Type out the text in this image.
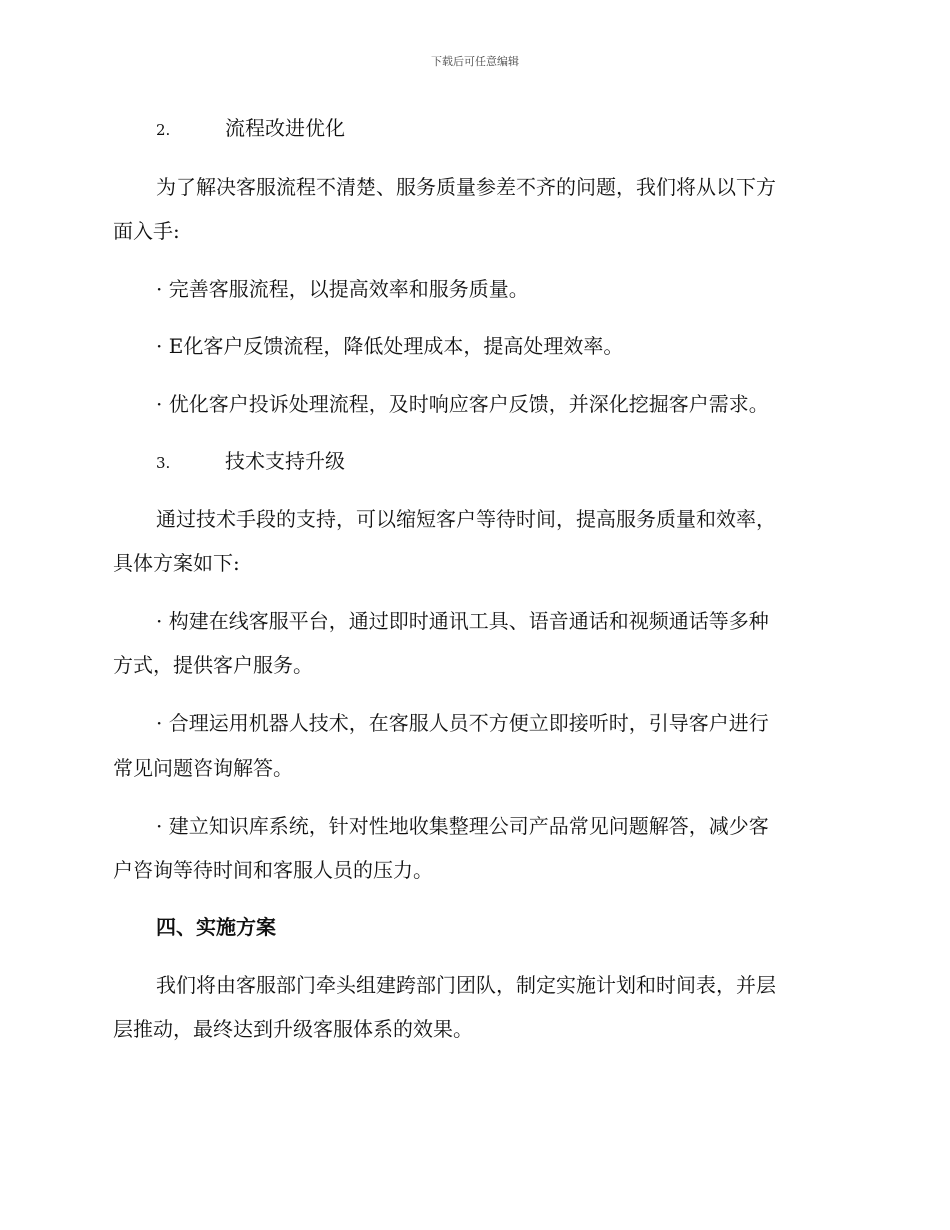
下载后可任意编辑
2.	流程改进优化
为了解决客服流程不清楚、服务质量参差不齐的问题，我们将从以下方
面入手:
· 完善客服流程，以提高效率和服务质量。
· E化客户反馈流程，降低处理成本，提高处理效率。
· 优化客户投诉处理流程，及时响应客户反馈，并深化挖掘客户需求。
3.	技术支持升级
通过技术手段的支持，可以缩短客户等待时间，提高服务质量和效率，
具体方案如下:
· 构建在线客服平台，通过即时通讯工具、语音通话和视频通话等多种
方式，提供客户服务。
· 合理运用机器人技术，在客服人员不方便立即接听时，引导客户进行
常见问题咨询解答。
· 建立知识库系统，针对性地收集整理公司产品常见问题解答，减少客
户咨询等待时间和客服人员的压力。
四、实施方案
我们将由客服部门牵头组建跨部门团队，制定实施计划和时间表，并层
层推动，最终达到升级客服体系的效果。
